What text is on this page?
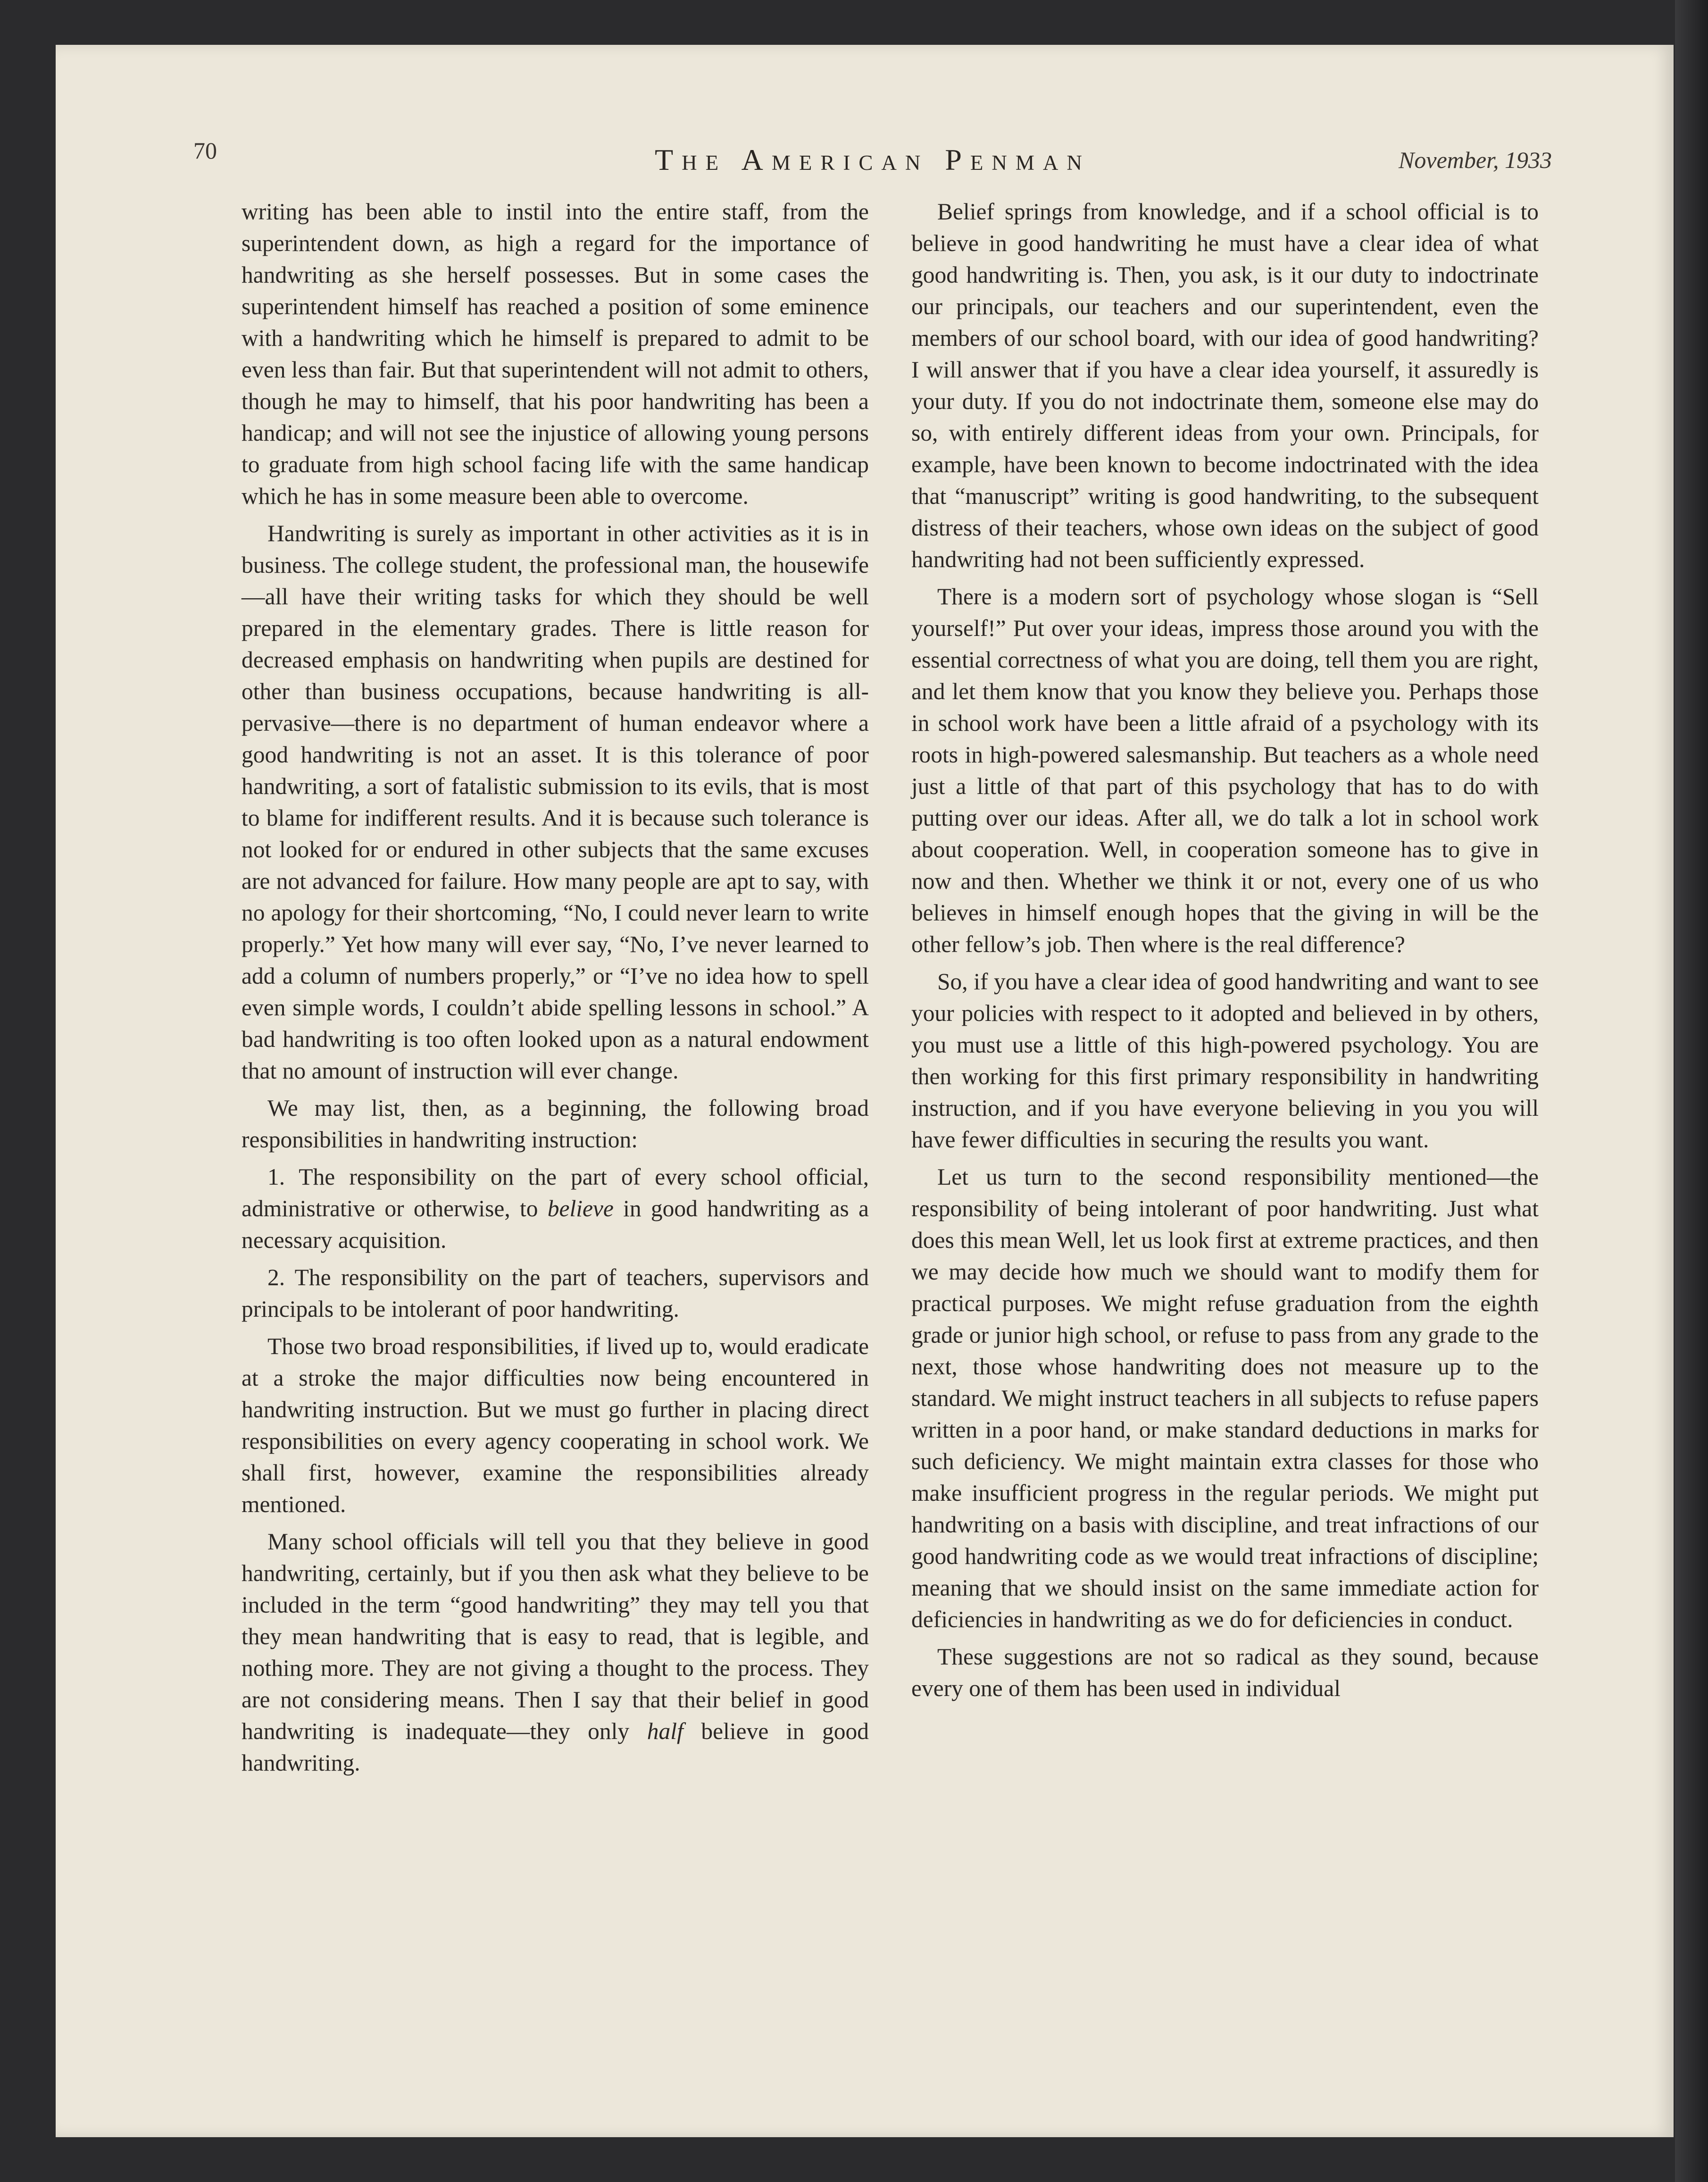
70	The American Penman	November, 1933

writing has been able to instil into the entire staff, from the superintendent down, as high a regard for the importance of handwriting as she herself possesses. But in some cases the superintendent himself has reached a position of some eminence with a handwriting which he himself is prepared to admit to be even less than fair. But that superintendent will not admit to others, though he may to himself, that his poor handwriting has been a handicap; and will not see the injustice of allowing young persons to graduate from high school facing life with the same handicap which he has in some measure been able to overcome.

Handwriting is surely as important in other activities as it is in business. The college student, the professional man, the housewife—all have their writing tasks for which they should be well prepared in the elementary grades. There is little reason for decreased emphasis on handwriting when pupils are destined for other than business occupations, because handwriting is all-pervasive—there is no department of human endeavor where a good handwriting is not an asset. It is this tolerance of poor handwriting, a sort of fatalistic submission to its evils, that is most to blame for indifferent results. And it is because such tolerance is not looked for or endured in other subjects that the same excuses are not advanced for failure. How many people are apt to say, with no apology for their shortcoming, “No, I could never learn to write properly.” Yet how many will ever say, “No, I’ve never learned to add a column of numbers properly,” or “I’ve no idea how to spell even simple words, I couldn’t abide spelling lessons in school.” A bad handwriting is too often looked upon as a natural endowment that no amount of instruction will ever change.

We may list, then, as a beginning, the following broad responsibilities in handwriting instruction:

1. The responsibility on the part of every school official, administrative or otherwise, to believe in good handwriting as a necessary acquisition.

2. The responsibility on the part of teachers, supervisors and principals to be intolerant of poor handwriting.

Those two broad responsibilities, if lived up to, would eradicate at a stroke the major difficulties now being encountered in handwriting instruction. But we must go further in placing direct responsibilities on every agency cooperating in school work. We shall first, however, examine the responsibilities already mentioned.

Many school officials will tell you that they believe in good handwriting, certainly, but if you then ask what they believe to be included in the term “good handwriting” they may tell you that they mean handwriting that is easy to read, that is legible, and nothing more. They are not giving a thought to the process. They are not considering means. Then I say that their belief in good handwriting is inadequate—they only half believe in good handwriting.

Belief springs from knowledge, and if a school official is to believe in good handwriting he must have a clear idea of what good handwriting is. Then, you ask, is it our duty to indoctrinate our principals, our teachers and our superintendent, even the members of our school board, with our idea of good handwriting? I will answer that if you have a clear idea yourself, it assuredly is your duty. If you do not indoctrinate them, someone else may do so, with entirely different ideas from your own. Principals, for example, have been known to become indoctrinated with the idea that “manuscript” writing is good handwriting, to the subsequent distress of their teachers, whose own ideas on the subject of good handwriting had not been sufficiently expressed.

There is a modern sort of psychology whose slogan is “Sell yourself!” Put over your ideas, impress those around you with the essential correctness of what you are doing, tell them you are right, and let them know that you know they believe you. Perhaps those in school work have been a little afraid of a psychology with its roots in high-powered salesmanship. But teachers as a whole need just a little of that part of this psychology that has to do with putting over our ideas. After all, we do talk a lot in school work about cooperation. Well, in cooperation someone has to give in now and then. Whether we think it or not, every one of us who believes in himself enough hopes that the giving in will be the other fellow’s job. Then where is the real difference?

So, if you have a clear idea of good handwriting and want to see your policies with respect to it adopted and believed in by others, you must use a little of this high-powered psychology. You are then working for this first primary responsibility in handwriting instruction, and if you have everyone believing in you you will have fewer difficulties in securing the results you want.

Let us turn to the second responsibility mentioned—the responsibility of being intolerant of poor handwriting. Just what does this mean Well, let us look first at extreme practices, and then we may decide how much we should want to modify them for practical purposes. We might refuse graduation from the eighth grade or junior high school, or refuse to pass from any grade to the next, those whose handwriting does not measure up to the standard. We might instruct teachers in all subjects to refuse papers written in a poor hand, or make standard deductions in marks for such deficiency. We might maintain extra classes for those who make insufficient progress in the regular periods. We might put handwriting on a basis with discipline, and treat infractions of our good handwriting code as we would treat infractions of discipline; meaning that we should insist on the same immediate action for deficiencies in handwriting as we do for deficiencies in conduct.

These suggestions are not so radical as they sound, because every one of them has been used in individual
